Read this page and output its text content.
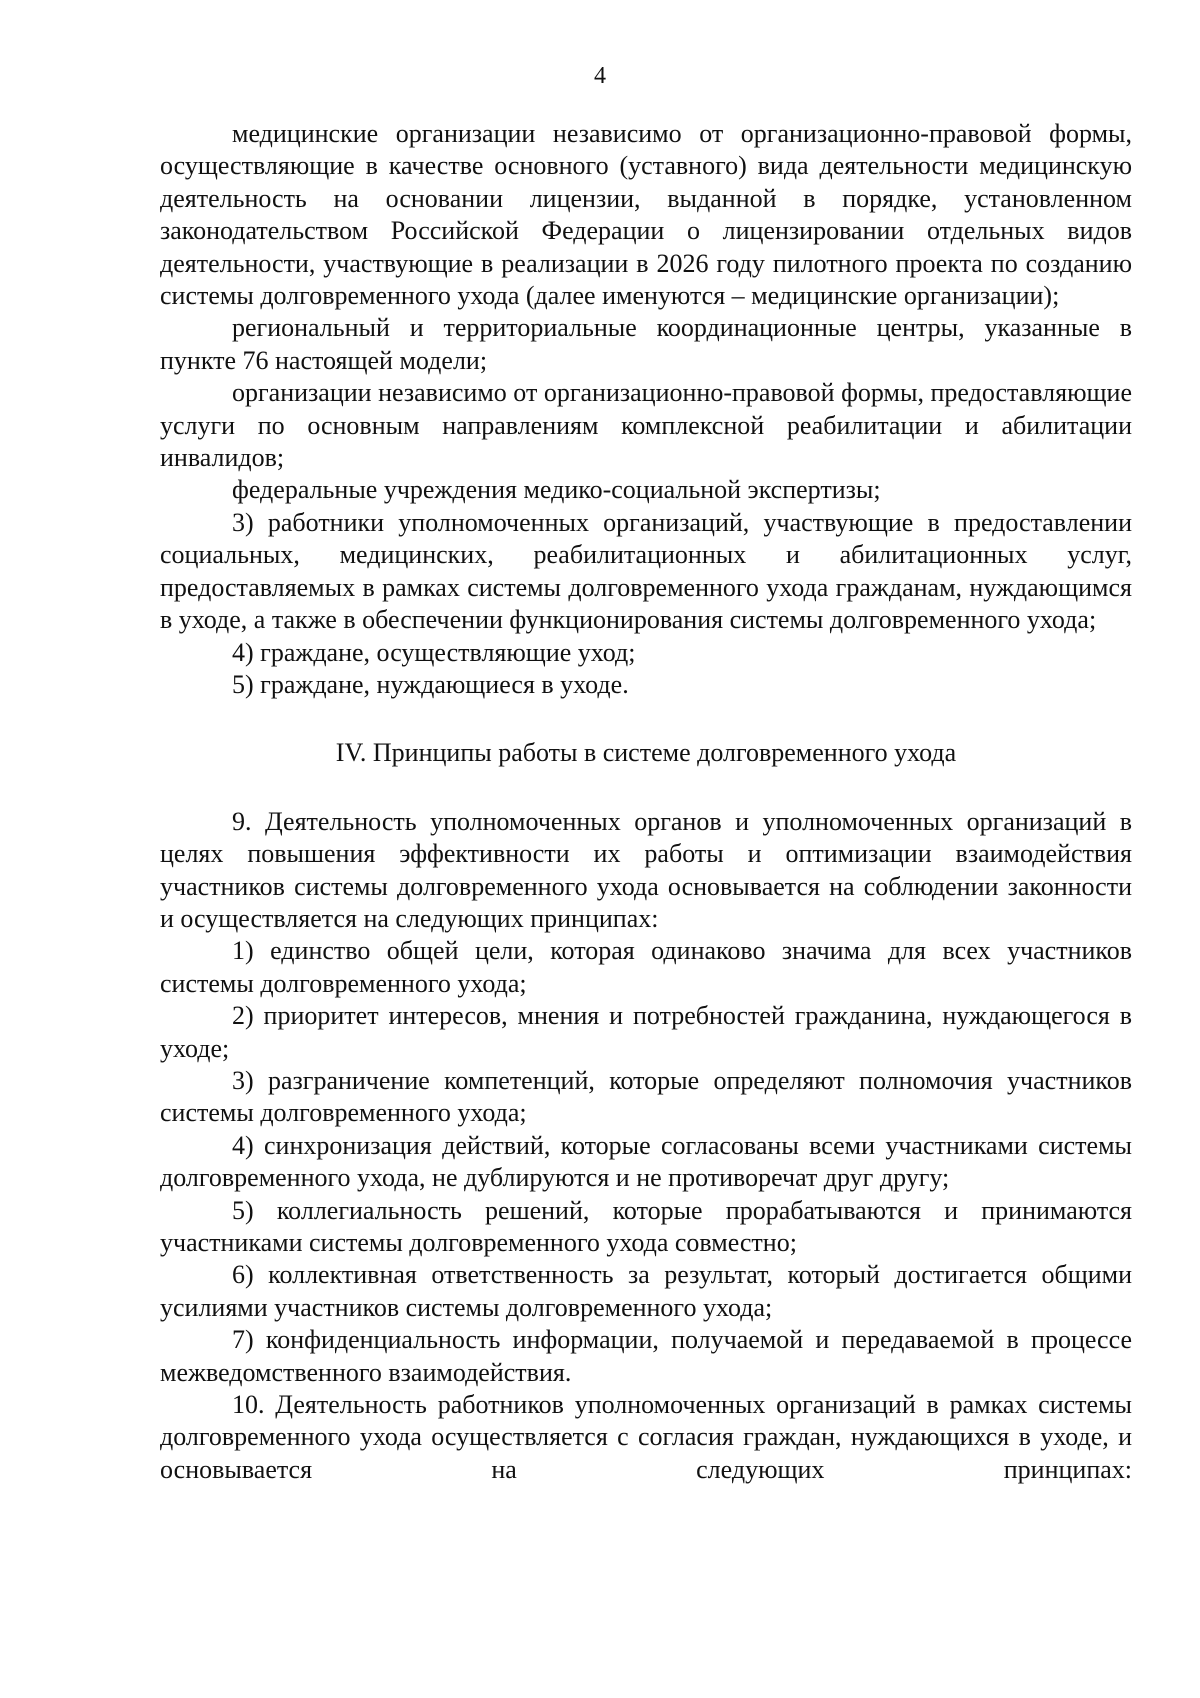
4

медицинские организации независимо от организационно-правовой формы, осуществляющие в качестве основного (уставного) вида деятельности медицинскую деятельность на основании лицензии, выданной в порядке, установленном законодательством Российской Федерации о лицензировании отдельных видов деятельности, участвующие в реализации в 2026 году пилотного проекта по созданию системы долговременного ухода (далее именуются – медицинские организации);

региональный и территориальные координационные центры, указанные в пункте 76 настоящей модели;

организации независимо от организационно-правовой формы, предоставляющие услуги по основным направлениям комплексной реабилитации и абилитации инвалидов;

федеральные учреждения медико-социальной экспертизы;

3) работники уполномоченных организаций, участвующие в предоставлении социальных, медицинских, реабилитационных и абилитационных услуг, предоставляемых в рамках системы долговременного ухода гражданам, нуждающимся в уходе, а также в обеспечении функционирования системы долговременного ухода;

4) граждане, осуществляющие уход;

5) граждане, нуждающиеся в уходе.

IV. Принципы работы в системе долговременного ухода

9. Деятельность уполномоченных органов и уполномоченных организаций в целях повышения эффективности их работы и оптимизации взаимодействия участников системы долговременного ухода основывается на соблюдении законности и осуществляется на следующих принципах:

1) единство общей цели, которая одинаково значима для всех участников системы долговременного ухода;

2) приоритет интересов, мнения и потребностей гражданина, нуждающегося в уходе;

3) разграничение компетенций, которые определяют полномочия участников системы долговременного ухода;

4) синхронизация действий, которые согласованы всеми участниками системы долговременного ухода, не дублируются и не противоречат друг другу;

5) коллегиальность решений, которые прорабатываются и принимаются участниками системы долговременного ухода совместно;

6) коллективная ответственность за результат, который достигается общими усилиями участников системы долговременного ухода;

7) конфиденциальность информации, получаемой и передаваемой в процессе межведомственного взаимодействия.

10. Деятельность работников уполномоченных организаций в рамках системы долговременного ухода осуществляется с согласия граждан, нуждающихся в уходе, и основывается на следующих принципах:
